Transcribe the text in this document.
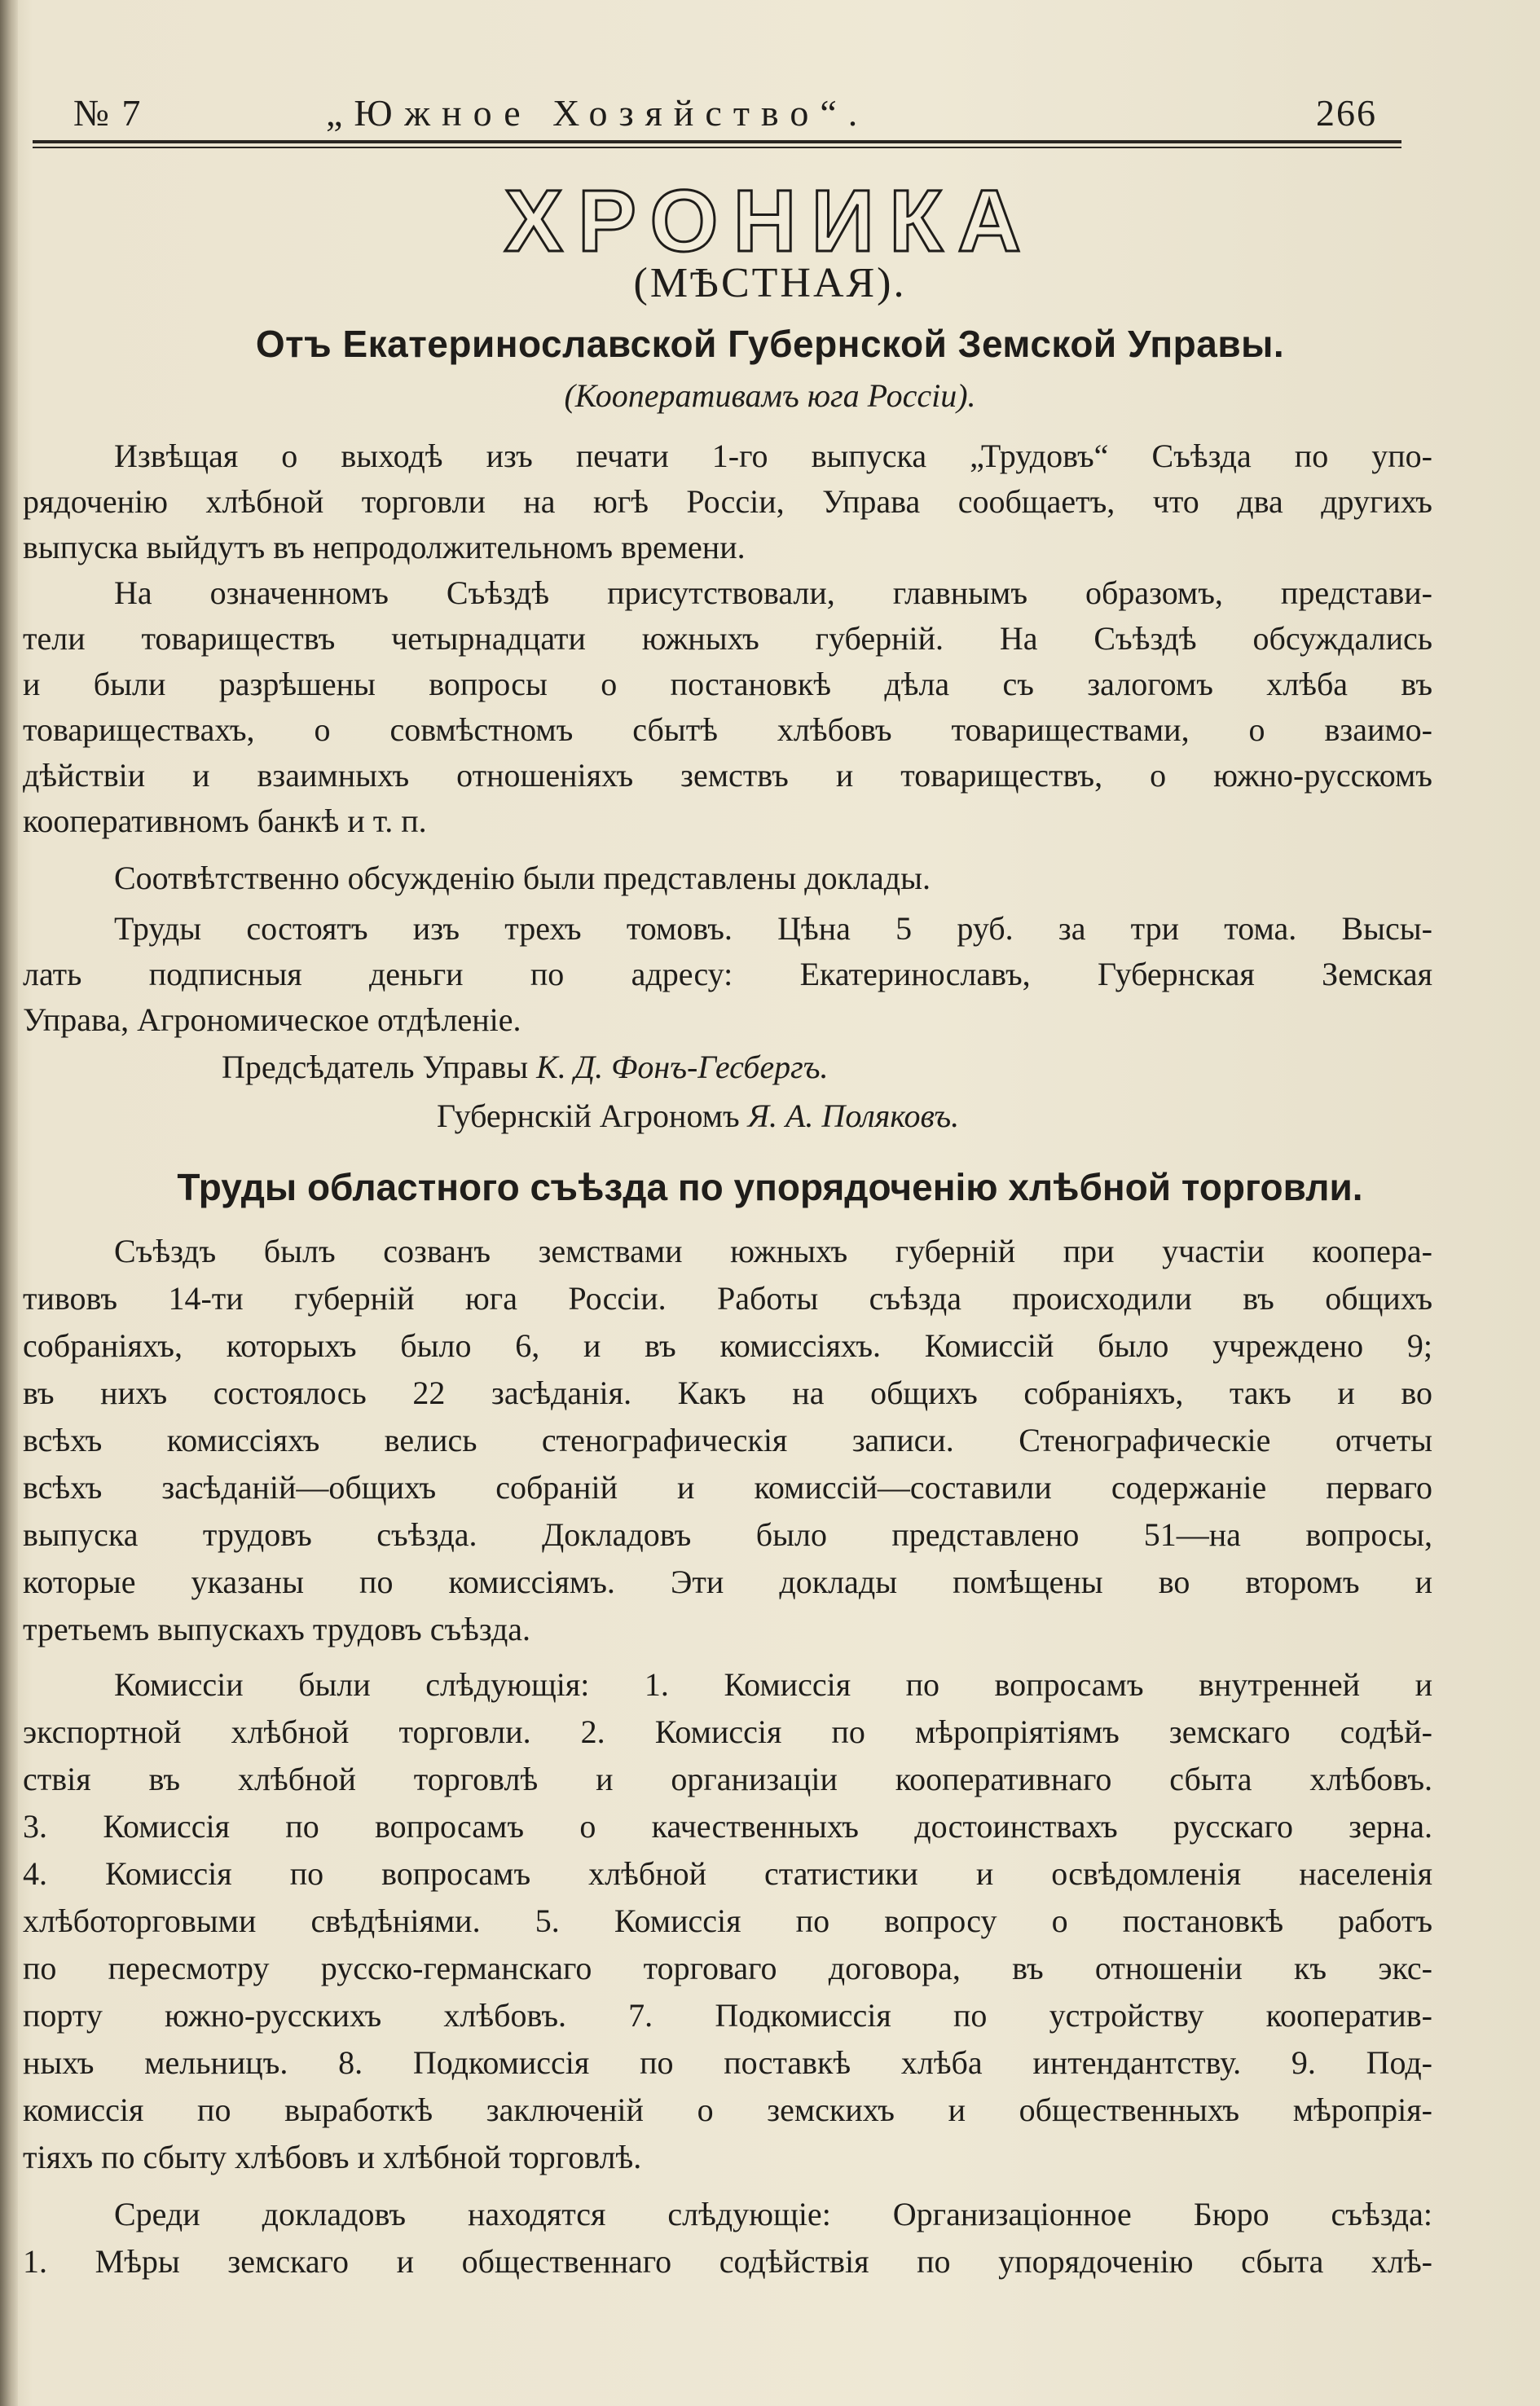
№ 7	„Южное Хозяйство“.	266
ХРОНИКА
(МѢСТНАЯ).
Отъ Екатеринославской Губернской Земской Управы.
(Кооперативамъ юга Россіи).
Извѣщая о выходѣ изъ печати 1-го выпуска „Трудовъ“ Съѣзда по упо-
рядоченію хлѣбной торговли на югѣ Россіи, Управа сообщаетъ, что два другихъ
выпуска выйдутъ въ непродолжительномъ времени.
На означенномъ Съѣздѣ присутствовали, главнымъ образомъ, представи-
тели товариществъ четырнадцати южныхъ губерній. На Съѣздѣ обсуждались
и были разрѣшены вопросы о постановкѣ дѣла съ залогомъ хлѣба въ
товариществахъ, о совмѣстномъ сбытѣ хлѣбовъ товариществами, о взаимо-
дѣйствіи и взаимныхъ отношеніяхъ земствъ и товариществъ, о южно-русскомъ
кооперативномъ банкѣ и т. п.
Соотвѣтственно обсужденію были представлены доклады.
Труды состоятъ изъ трехъ томовъ. Цѣна 5 руб. за три тома. Высы-
лать подписныя деньги по адресу: Екатеринославъ, Губернская Земская
Управа, Агрономическое отдѣленіе.
Предсѣдатель Управы К. Д. Фонъ-Гесбергъ.
Губернскій Агрономъ Я. А. Поляковъ.
Труды областного съѣзда по упорядоченію хлѣбной торговли.
Съѣздъ былъ созванъ земствами южныхъ губерній при участіи коопера-
тивовъ 14-ти губерній юга Россіи. Работы съѣзда происходили въ общихъ
собраніяхъ, которыхъ было 6, и въ комиссіяхъ. Комиссій было учреждено 9;
въ нихъ состоялось 22 засѣданія. Какъ на общихъ собраніяхъ, такъ и во
всѣхъ комиссіяхъ велись стенографическія записи. Стенографическіе отчеты
всѣхъ засѣданій—общихъ собраній и комиссій—составили содержаніе перваго
выпуска трудовъ съѣзда. Докладовъ было представлено 51—на вопросы,
которые указаны по комиссіямъ. Эти доклады помѣщены во второмъ и
третьемъ выпускахъ трудовъ съѣзда.
Комиссіи были слѣдующія: 1. Комиссія по вопросамъ внутренней и
экспортной хлѣбной торговли. 2. Комиссія по мѣропріятіямъ земскаго содѣй-
ствія въ хлѣбной торговлѣ и организаціи кооперативнаго сбыта хлѣбовъ.
3. Комиссія по вопросамъ о качественныхъ достоинствахъ русскаго зерна.
4. Комиссія по вопросамъ хлѣбной статистики и освѣдомленія населенія
хлѣботорговыми свѣдѣніями. 5. Комиссія по вопросу о постановкѣ работъ
по пересмотру русско-германскаго торговаго договора, въ отношеніи къ экс-
порту южно-русскихъ хлѣбовъ. 7. Подкомиссія по устройству кооператив-
ныхъ мельницъ. 8. Подкомиссія по поставкѣ хлѣба интендантству. 9. Под-
комиссія по выработкѣ заключеній о земскихъ и общественныхъ мѣропрія-
тіяхъ по сбыту хлѣбовъ и хлѣбной торговлѣ.
Среди докладовъ находятся слѣдующіе: Организаціонное Бюро съѣзда:
1. Мѣры земскаго и общественнаго содѣйствія по упорядоченію сбыта хлѣ-
